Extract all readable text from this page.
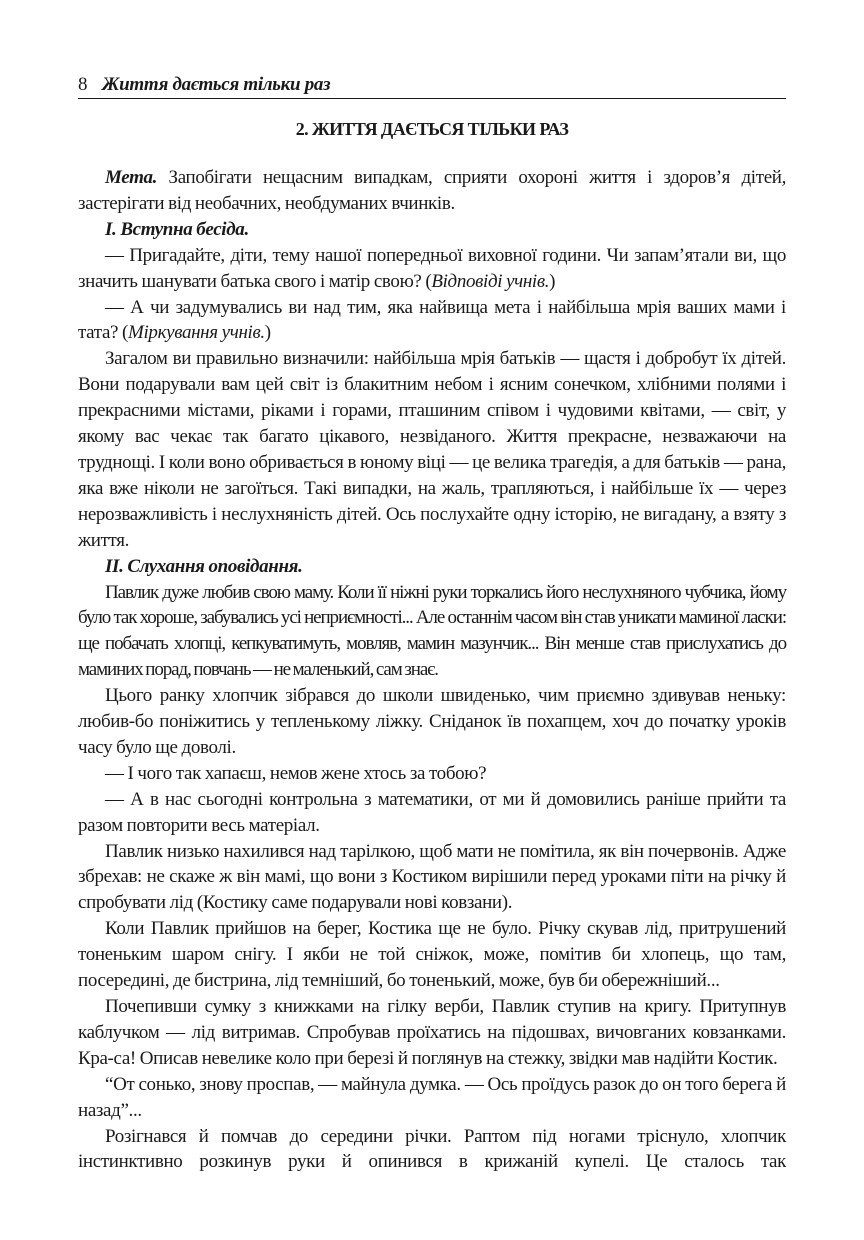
8 Життя дається тільки раз
2. ЖИТТЯ ДАЄТЬСЯ ТІЛЬКИ РАЗ

Мета. Запобігати нещасним випадкам, сприяти охороні життя і здоров’я дітей, застерігати від необачних, необдуманих вчинків.

І. Вступна бесіда.

— Пригадайте, діти, тему нашої попередньої виховної години. Чи запам’ятали ви, що значить шанувати батька свого і матір свою? (Відповіді учнів.)

— А чи задумувались ви над тим, яка найвища мета і найбільша мрія ваших мами і тата? (Міркування учнів.)

Загалом ви правильно визначили: найбільша мрія батьків — щастя і добробут їх дітей. Вони подарували вам цей світ із блакитним небом і ясним сонечком, хлібними полями і прекрасними містами, ріками і горами, пташиним співом і чудовими квітами, — світ, у якому вас чекає так багато цікавого, незвіданого. Життя прекрасне, незважаючи на труднощі. І коли воно обривається в юному віці — це велика трагедія, а для батьків — рана, яка вже ніколи не загоїться. Такі випадки, на жаль, трапляються, і найбільше їх — через нерозважливість і неслухняність дітей. Ось послухайте одну історію, не вигадану, а взяту з життя.

ІІ. Слухання оповідання.

Павлик дуже любив свою маму. Коли її ніжні руки торкались його неслухняного чубчика, йому було так хороше, забувались усі неприємності... Але останнім часом він став уникати маминої ласки: ще побачать хлопці, кепкуватимуть, мовляв, мамин мазунчик... Він менше став прислухатись до маминих порад, повчань — не маленький, сам знає.

Цього ранку хлопчик зібрався до школи швиденько, чим приємно здивував неньку: любив-бо поніжитись у тепленькому ліжку. Сніданок їв похапцем, хоч до початку уроків часу було ще доволі.

— І чого так хапаєш, немов жене хтось за тобою?

— А в нас сьогодні контрольна з математики, от ми й домовились раніше прийти та разом повторити весь матеріал.

Павлик низько нахилився над тарілкою, щоб мати не помітила, як він почервонів. Адже збрехав: не скаже ж він мамі, що вони з Костиком вирішили перед уроками піти на річку й спробувати лід (Костику саме подарували нові ковзани).

Коли Павлик прийшов на берег, Костика ще не було. Річку скував лід, притрушений тоненьким шаром снігу. І якби не той сніжок, може, помітив би хлопець, що там, посередині, де бистрина, лід темніший, бо тоненький, може, був би обережніший...

Почепивши сумку з книжками на гілку верби, Павлик ступив на кригу. Притупнув каблучком — лід витримав. Спробував проїхатись на підошвах, вичовганих ковзанками. Кра-са! Описав невелике коло при березі й поглянув на стежку, звідки мав надійти Костик.

“От сонько, знову проспав, — майнула думка. — Ось проїдусь разок до он того берега й назад”...

Розігнався й помчав до середини річки. Раптом під ногами тріснуло, хлопчик інстинктивно розкинув руки й опинився в крижаній купелі. Це сталось так
